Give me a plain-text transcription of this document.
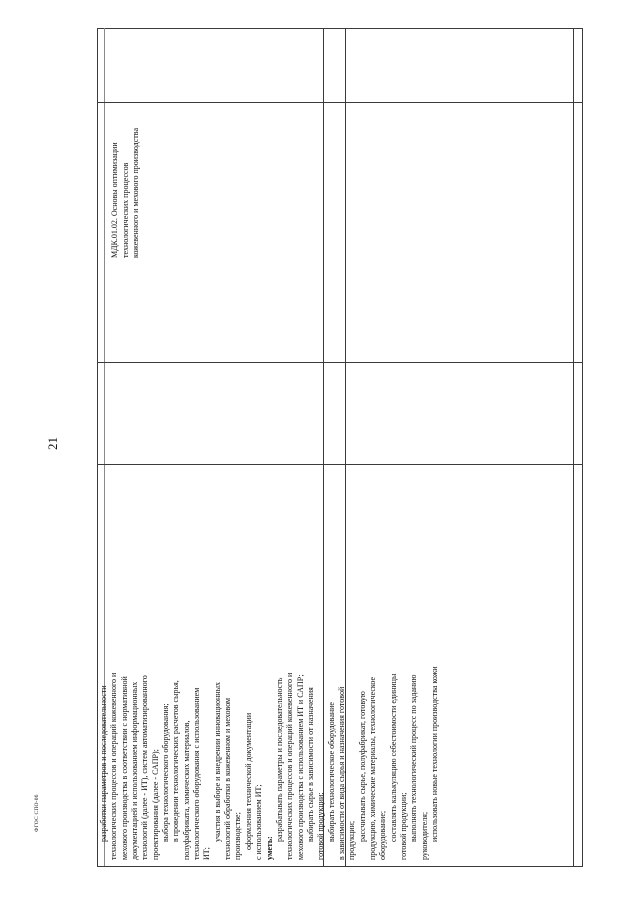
21
ФГОС СПО-06
МДК.01.02. Основы оптимизации технологических процессов кожевенного и мехового производства
разработки параметров и последовательности технологических процессов и операций кожевенного и мехового производства в соответствии с нормативной документацией и использованием информационных технологий (далее - ИТ), систем автоматизированного проектирования (далее - САПР); выбора технологического оборудования; в проведении технологических расчетов сырья, полуфабриката, химических материалов, технологического оборудования с использованием ИТ;
участия в выборе и внедрении инновационных технологий обработки в кожевенном и меховом производстве; оформления технической документации с использованием ИТ; уметь:
разрабатывать параметры и последовательность технологических процессов и операций кожевенного и мехового производства с использованием ИТ и САПР; выбирать сырье в зависимости от назначения готовой продукции; выбирать технологическое оборудование в зависимости от вида сырья и назначения готовой продукции; рассчитывать сырье, полуфабрикат, готовую продукцию, химические материалы, технологическое оборудование; составлять калькуляцию себестоимости единицы готовой продукции; выполнять технологический процесс по заданию руководителя; использовать новые технологии производства кожи
